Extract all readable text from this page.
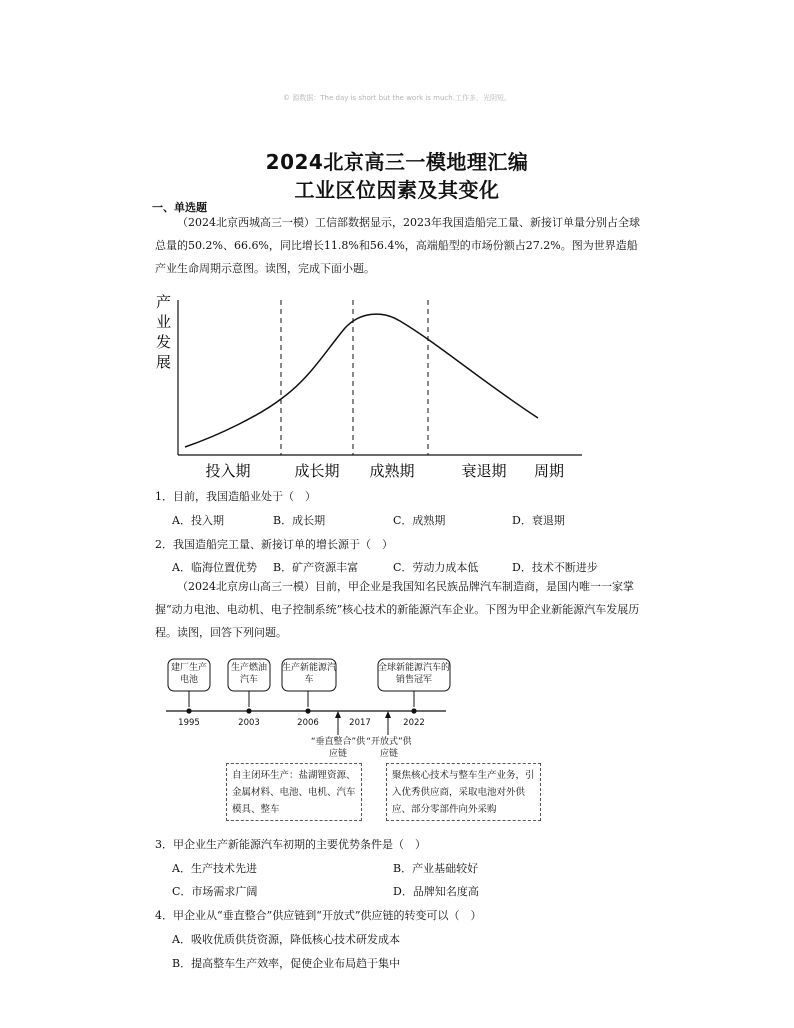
© 源数据：The day is short but the work is much.工作多，光阴短。
2024北京高三一模地理汇编
工业区位因素及其变化
一、单选题
（2024北京西城高三一模）工信部数据显示，2023年我国造船完工量、新接订单量分别占全球总量的50.2%、66.6%，同比增长11.8%和56.4%，高端船型的市场份额占27.2%。图为世界造船产业生命周期示意图。读图，完成下面小题。
产
业
发
展
投入期	成长期 成熟期	衰退期 周期
1．目前，我国造船业处于（　）
A．投入期	B．成长期	C．成熟期	D．衰退期
2．我国造船完工量、新接订单的增长源于（　）
A．临海位置优势 B．矿产资源丰富	C．劳动力成本低	D．技术不断进步
（2024北京房山高三一模）目前，甲企业是我国知名民族品牌汽车制造商，是国内唯一一家掌握“动力电池、电动机、电子控制系统”核心技术的新能源汽车企业。下图为甲企业新能源汽车发展历程。读图，回答下列问题。
建厂生产电池
生产燃油汽车
生产新能源汽车
全球新能源汽车的销售冠军
1995	2003	2006	2017	2022
“垂直整合”供应链
“开放式”供应链
自主闭环生产：盐湖锂资源、金属材料、电池、电机、汽车模具、整车
聚焦核心技术与整车生产业务，引入优秀供应商，采取电池对外供应、部分零部件向外采购
3．甲企业生产新能源汽车初期的主要优势条件是（　）
A．生产技术先进	B．产业基础较好
C．市场需求广阔	D．品牌知名度高
4．甲企业从“垂直整合”供应链到“开放式”供应链的转变可以（　）
A．吸收优质供货资源，降低核心技术研发成本
B．提高整车生产效率，促使企业布局趋于集中
